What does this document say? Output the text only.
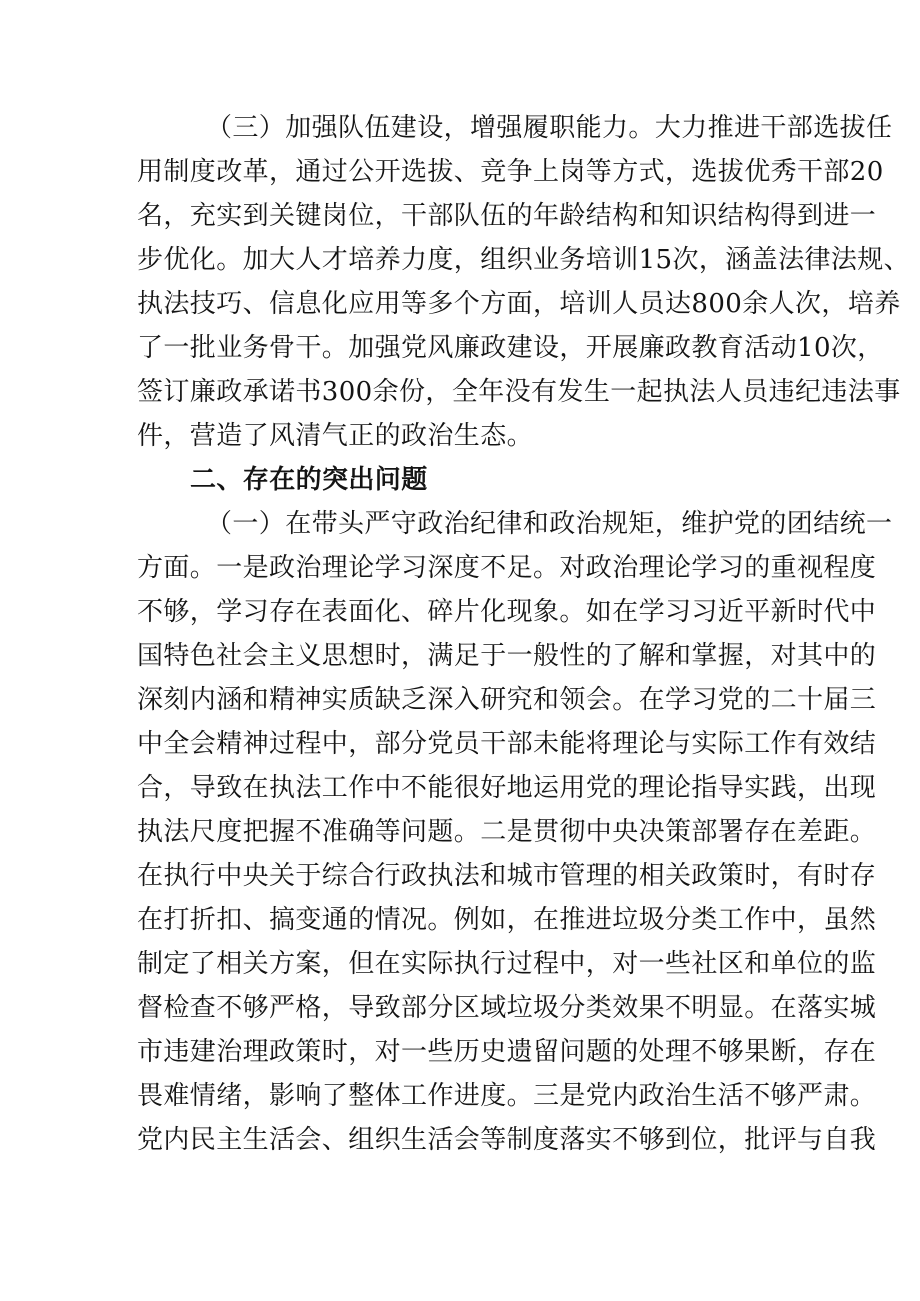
（三）加强队伍建设，增强履职能力。大力推进干部选拔任
用制度改革，通过公开选拔、竞争上岗等方式，选拔优秀干部20
名，充实到关键岗位，干部队伍的年龄结构和知识结构得到进一
步优化。加大人才培养力度，组织业务培训15次，涵盖法律法规、
执法技巧、信息化应用等多个方面，培训人员达800余人次，培养
了一批业务骨干。加强党风廉政建设，开展廉政教育活动10次，
签订廉政承诺书300余份，全年没有发生一起执法人员违纪违法事
件，营造了风清气正的政治生态。
二、存在的突出问题
（一）在带头严守政治纪律和政治规矩，维护党的团结统一
方面。一是政治理论学习深度不足。对政治理论学习的重视程度
不够，学习存在表面化、碎片化现象。如在学习习近平新时代中
国特色社会主义思想时，满足于一般性的了解和掌握，对其中的
深刻内涵和精神实质缺乏深入研究和领会。在学习党的二十届三
中全会精神过程中，部分党员干部未能将理论与实际工作有效结
合，导致在执法工作中不能很好地运用党的理论指导实践，出现
执法尺度把握不准确等问题。二是贯彻中央决策部署存在差距。
在执行中央关于综合行政执法和城市管理的相关政策时，有时存
在打折扣、搞变通的情况。例如，在推进垃圾分类工作中，虽然
制定了相关方案，但在实际执行过程中，对一些社区和单位的监
督检查不够严格，导致部分区域垃圾分类效果不明显。在落实城
市违建治理政策时，对一些历史遗留问题的处理不够果断，存在
畏难情绪，影响了整体工作进度。三是党内政治生活不够严肃。
党内民主生活会、组织生活会等制度落实不够到位，批评与自我
